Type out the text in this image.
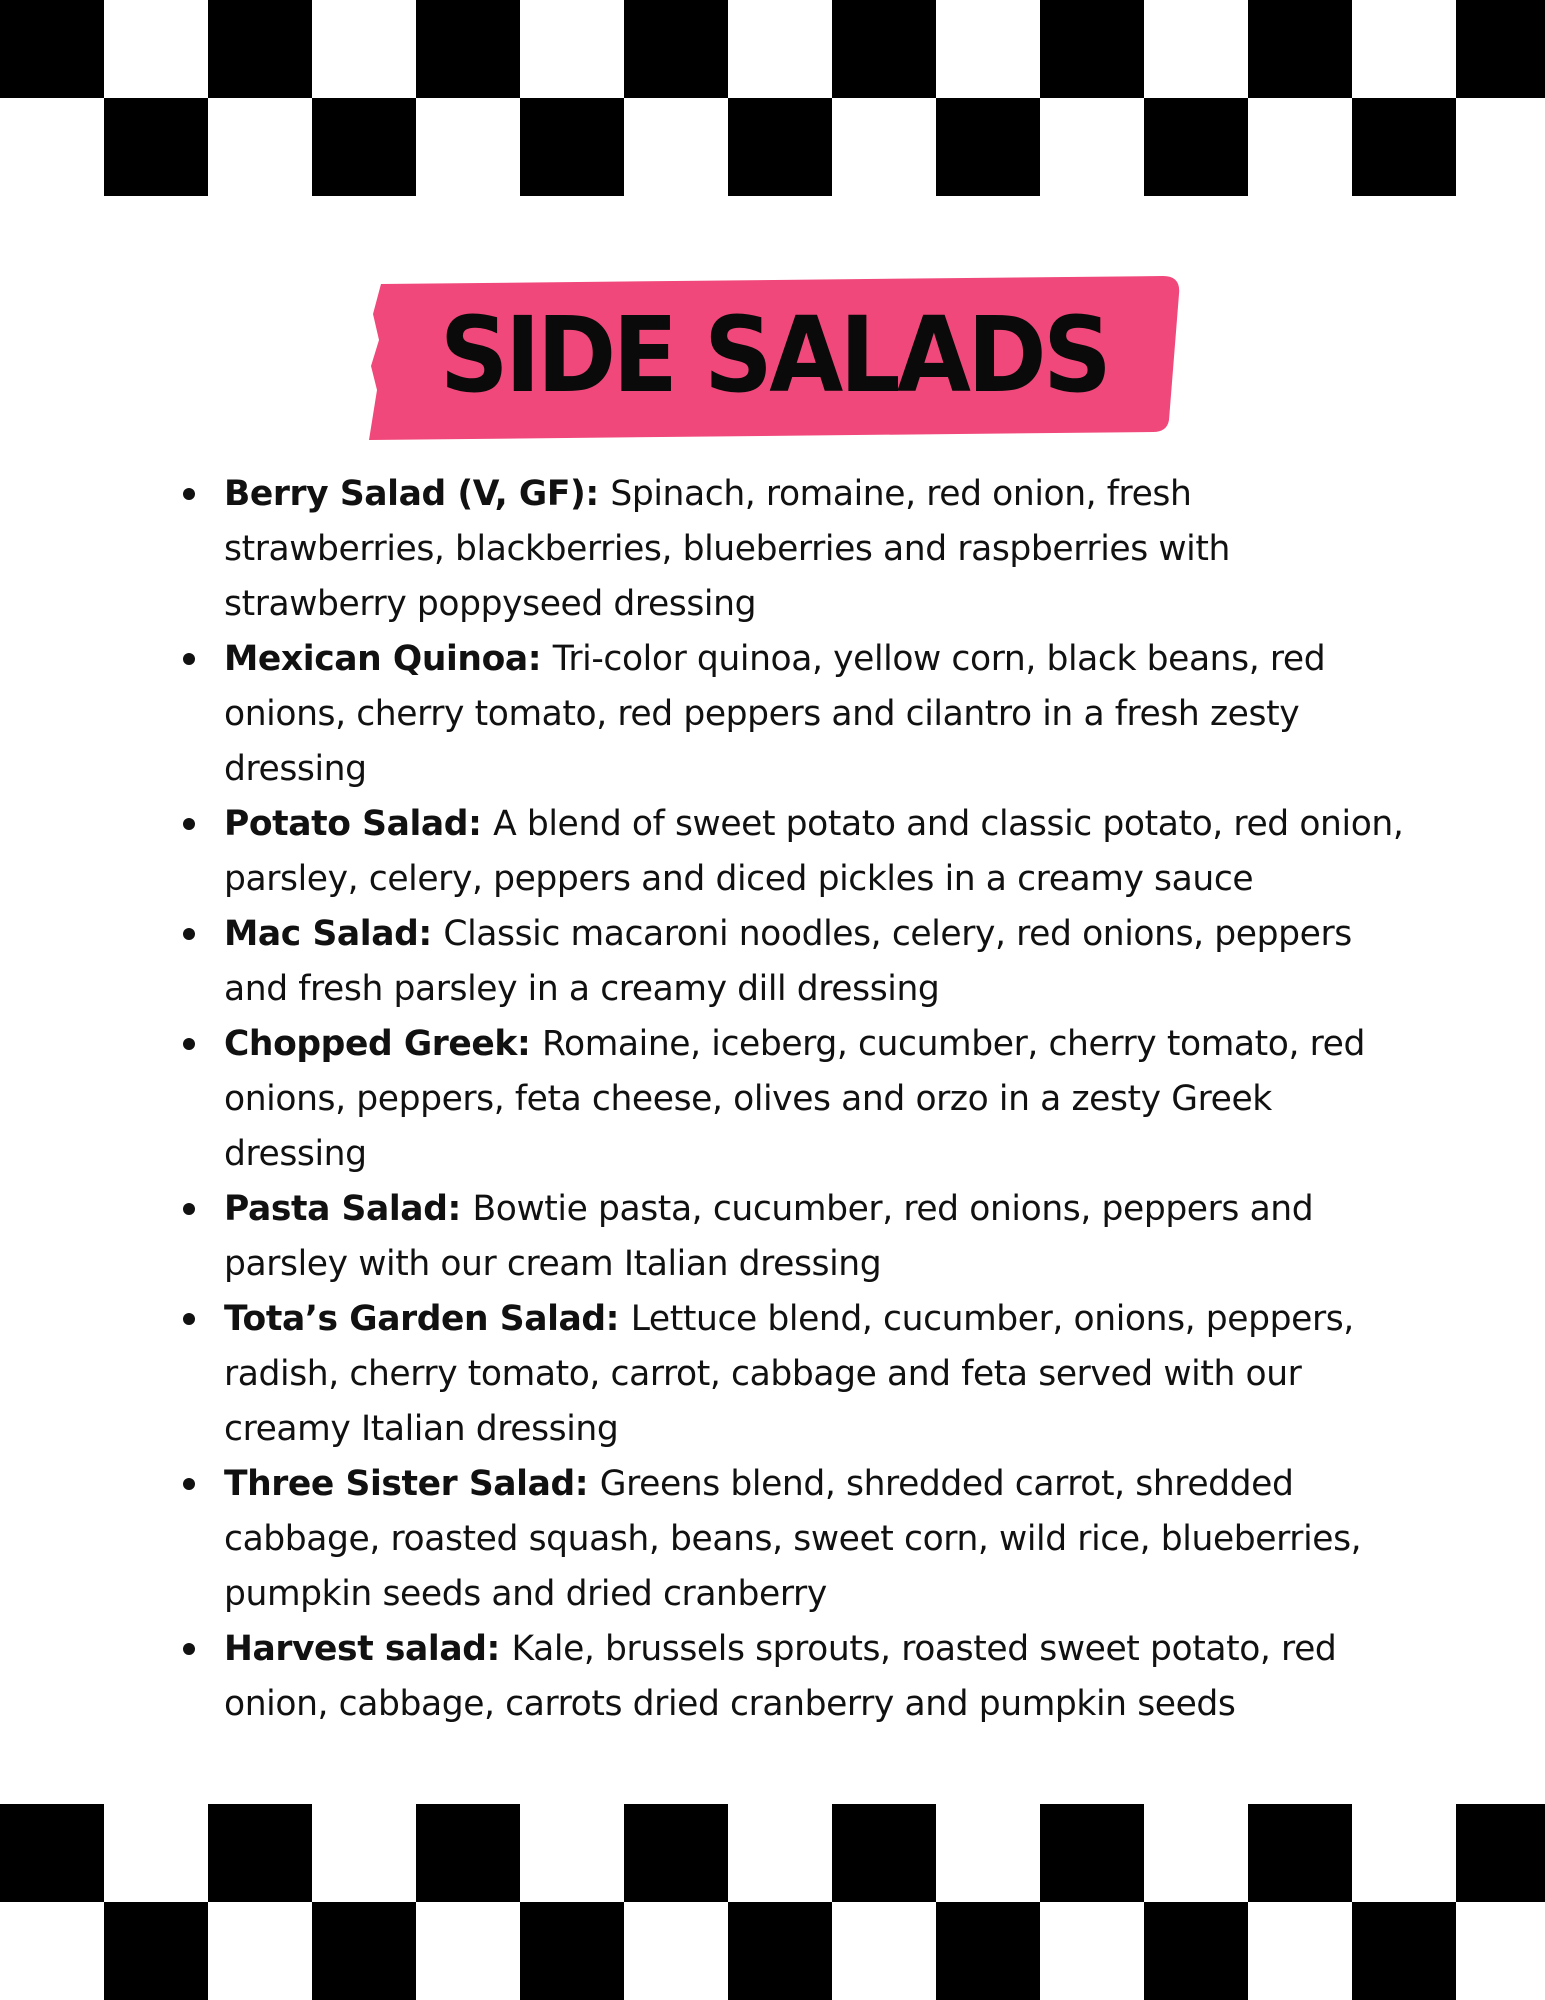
SIDE SALADS
Berry Salad (V, GF): Spinach, romaine, red onion, fresh strawberries, blackberries, blueberries and raspberries with strawberry poppyseed dressing
Mexican Quinoa: Tri-color quinoa, yellow corn, black beans, red onions, cherry tomato, red peppers and cilantro in a fresh zesty dressing
Potato Salad: A blend of sweet potato and classic potato, red onion, parsley, celery, peppers and diced pickles in a creamy sauce
Mac Salad: Classic macaroni noodles, celery, red onions, peppers and fresh parsley in a creamy dill dressing
Chopped Greek: Romaine, iceberg, cucumber, cherry tomato, red onions, peppers, feta cheese, olives and orzo in a zesty Greek dressing
Pasta Salad: Bowtie pasta, cucumber, red onions, peppers and parsley with our cream Italian dressing
Tota’s Garden Salad: Lettuce blend, cucumber, onions, peppers, radish, cherry tomato, carrot, cabbage and feta served with our creamy Italian dressing
Three Sister Salad: Greens blend, shredded carrot, shredded cabbage, roasted squash, beans, sweet corn, wild rice, blueberries, pumpkin seeds and dried cranberry
Harvest salad: Kale, brussels sprouts, roasted sweet potato, red onion, cabbage, carrots dried cranberry and pumpkin seeds
